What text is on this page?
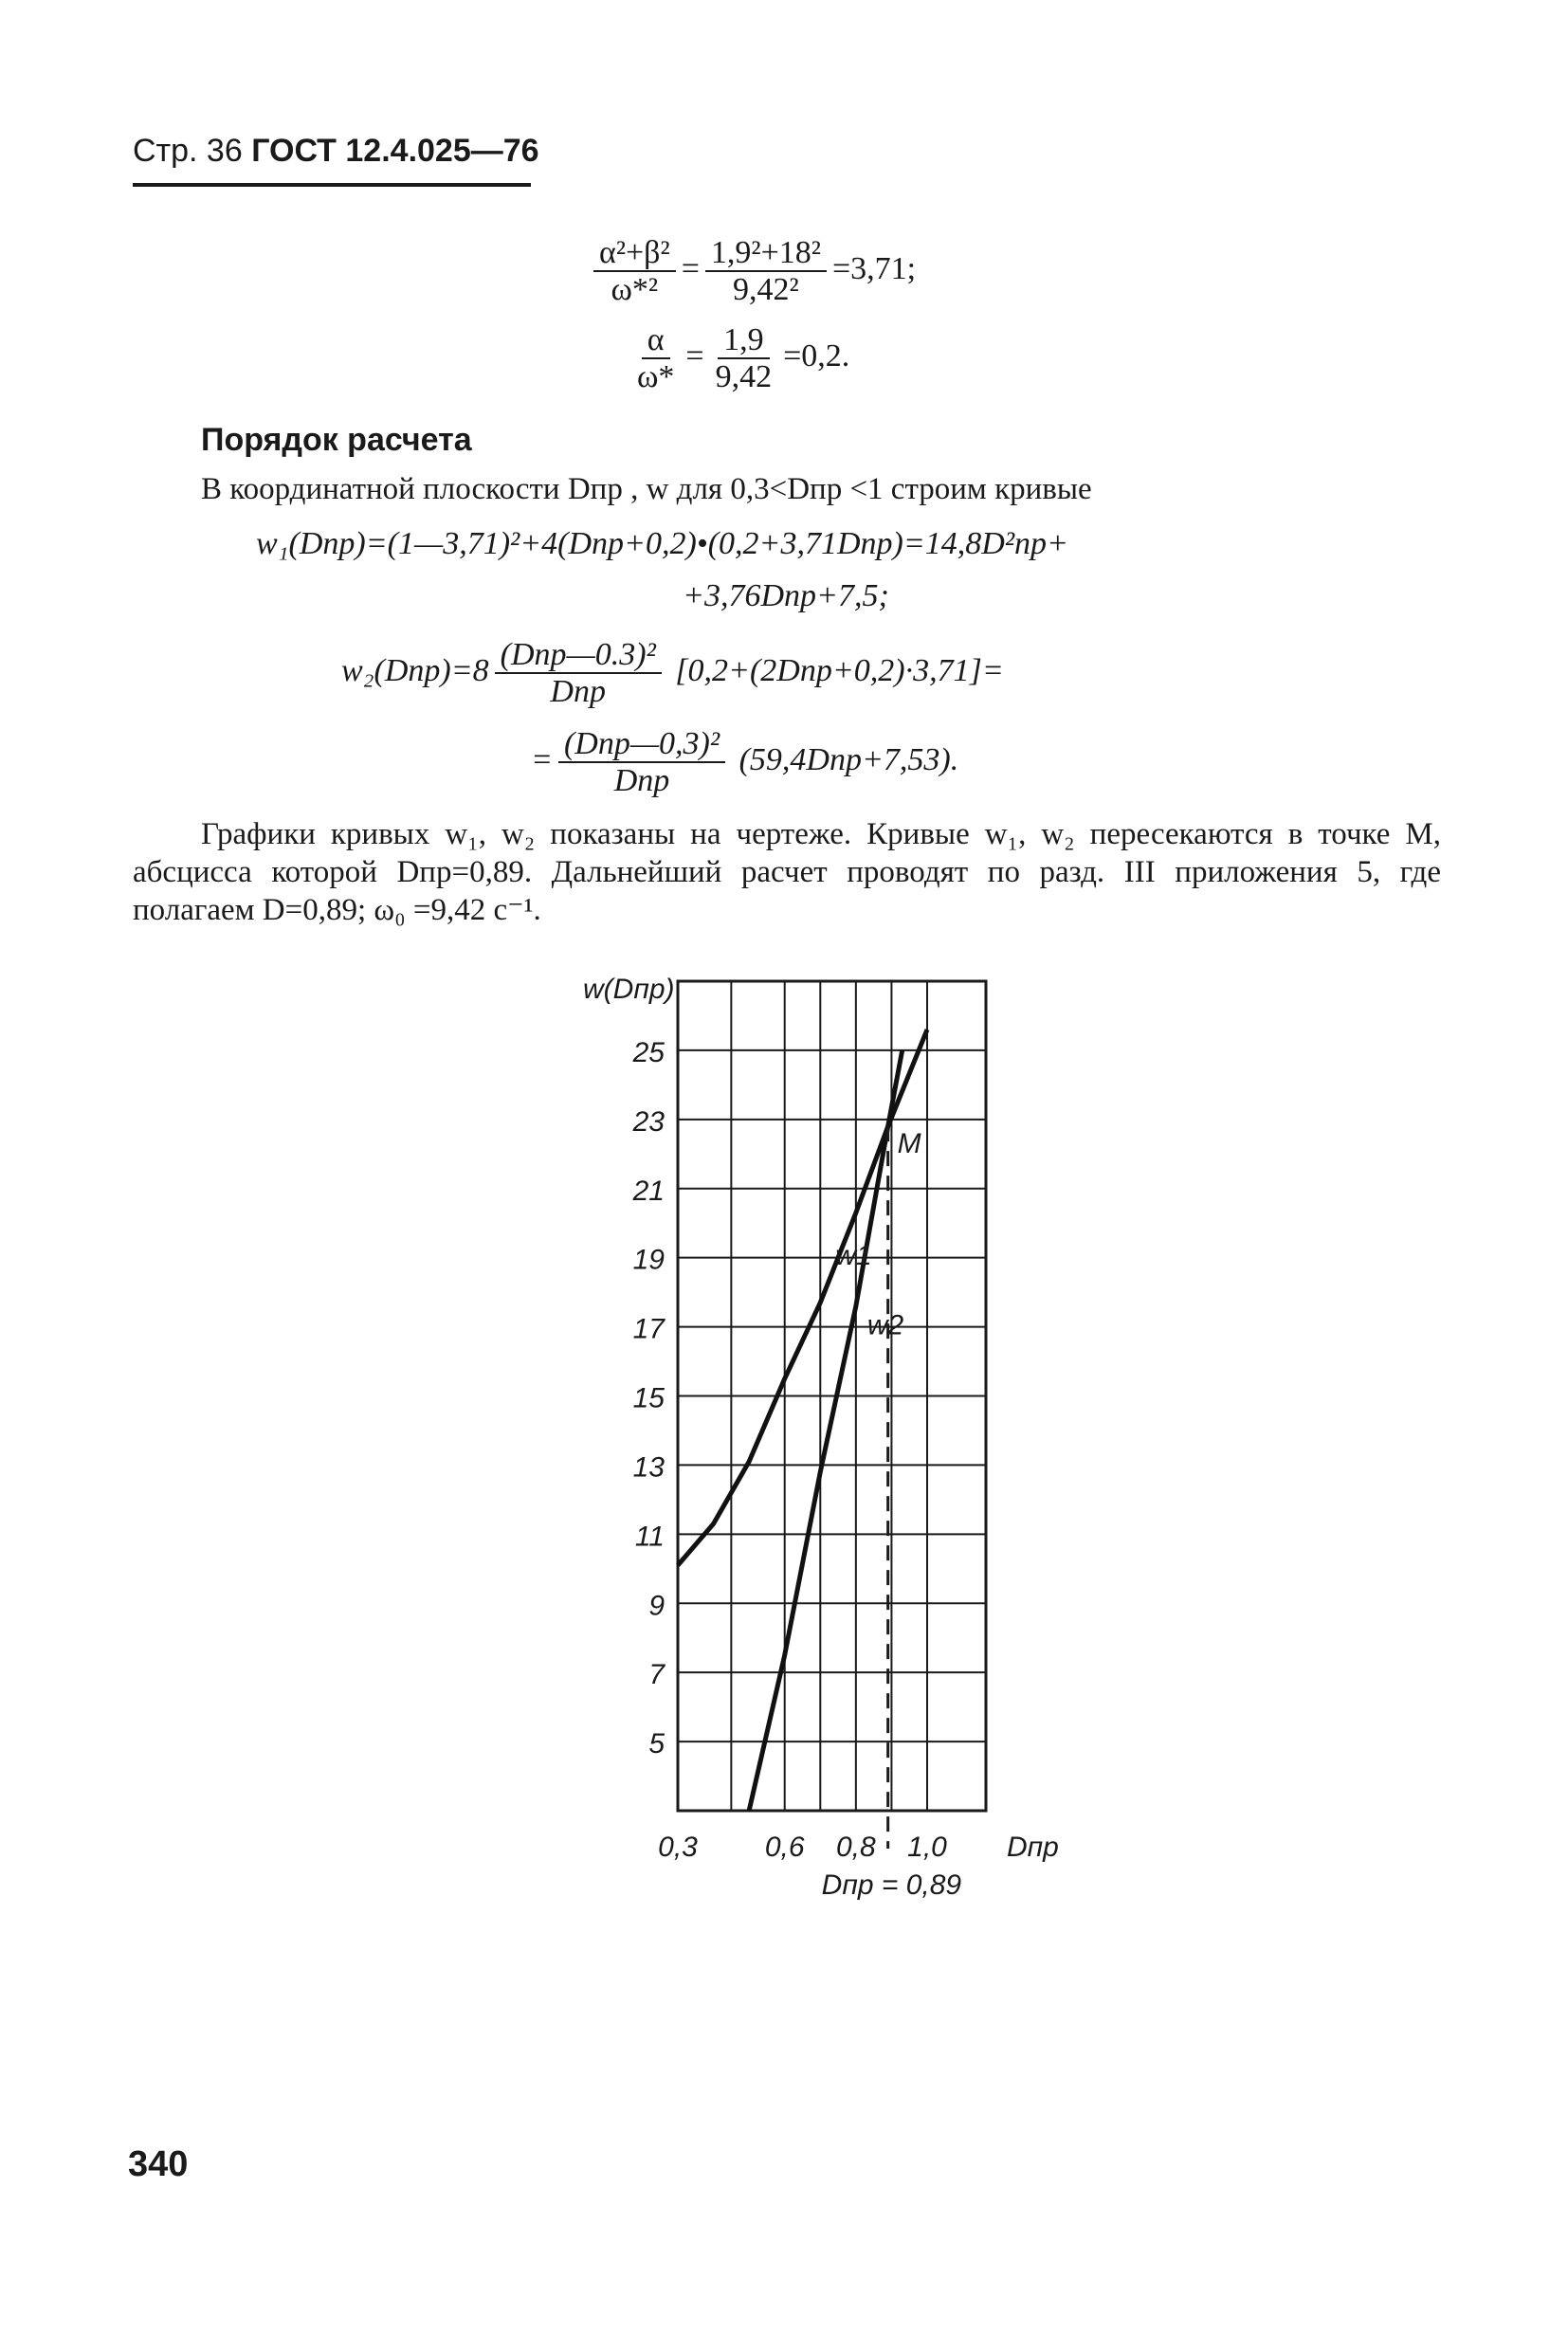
Стр. 36 ГОСТ 12.4.025—76
$\frac{\text{α²+β²}}{\text{ω*²}} = \frac{\text{1,9²+18²}}{\text{9,42²}} =3,71$;
$\frac{\alpha}{\omega*} = \frac{1,9}{9,42} =0,2$.
Порядок расчета
В координатной плоскости Dпр , w для 0,3<Dпр <1 строим кривые
w₁(Dпр)=(1—3,71)²+4(Dпр+0,2)•(0,2+3,71Dпр)=14,8D²пр+
+3,76Dпр+7,5;
$w_2(Dпр)=8 \frac{\text{(Dпр—0.3)²}}{\text{Dпр}} [0,2+(2Dпр+0,2)\cdot 3,71]=$
= $\frac{\text{(Dпр—0,3)²}}{\text{Dпр}} (59,4Dпр+7,53)$.
Графики кривых w₁, w₂ показаны на чертеже. Кривые w₁, w₂ пересекаются в точке M, абсцисса которой Dпр=0,89. Дальнейший расчет проводят по разд. III приложения 5, где полагаем D=0,89; ω₀ =9,42 с⁻¹.
25
23
21
19
17
15
13
11
9
7
5
0,3 0,6 0,8 1,0
w(Dпр)
Dпр
w1
w2
M
Dпр = 0,89
340
